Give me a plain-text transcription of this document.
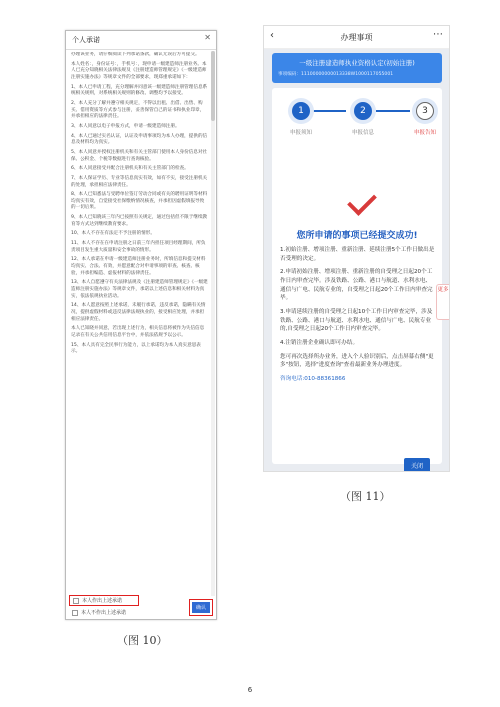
个人承诺	✕

办理该业务，请仔细阅读下列承诺条款，确认无误后方可提交。

本人姓名：，身份证号：，手机号：，现申请一级建造师注册业务。本人已充分知晓相关法律法规及《注册建造师管理规定》《一级建造师注册实施办法》等规章文件的全部要求，现郑重承诺如下：

1、本人已申请工程，充分理解并同意该一级建造师注册管理信息系统相关规则，对系统相关规则的修改、调整均予以接受。

2、本人充分了解并遵守相关规定，不得以出租、出借、出售、购买、借用资质等方式参与注册，妥善保管自己的证书和执业印章，并承担相应的法律责任。

3、本人同意以电子申报方式，申请一级建造师注册。

4、本人已通过实名认证，认证及申请事项均为本人办理，提供的信息及材料均为真实。

5、本人同意并授权注册机关和有关主管部门使用本人身份信息对社保、公积金、个税等数据进行查询核验。

6、本人同意接受并配合注册机关和有关主管部门的检查。

7、本人保证学历、专业等信息真实有效，如有不实，接受注册机关的处理，承担相应法律责任。

8、本人已知悉法与受聘单位签订劳动合同或有关的聘用证明等材料均真实有效，自觉接受社保缴纳情况核查，并承担因虚假填报导致的一切后果。

9、本人已知晓该三年内已按照有关规定，通过包括但不限于继续教育等方式达到继续教育要求。

10、本人不存在有法定不予注册的情形。

11、本人不存在在申请注册之日前三年内担任项目经理期间，所负责项目发生重大质量和安全事故的情形。

12、本人承诺在申请一级建造师注册业务时，所填信息和提交材料均真实、合法、有效，并愿意配合对申请事项的审查、核查、核验，并承担编造、虚报材料的法律责任。

13、本人自愿遵守有关法律法规及《注册建造师管理规定》《一级建造师注册实施办法》等规章文件，承诺以上述信息和相关材料为真实，依法依规执业活动。

14、本人愿意按照上述承诺，未履行承诺，违反承诺，隐瞒有关情况，提供虚假材料或违反法律法规执业的，接受相应处理，并承担相应法律责任。

本人已知晓并同意，若出现上述行为，相关信息将被作为失信信息记录在有关公共信用信息平台中，并依法依规予以公示。

15、本人具有完全民事行为能力，以上承诺均为本人真实意思表示。

本人作出上述承诺
本人不作出上述承诺
确认
（图 10）
‹	办理事项	⋯
一级注册建造师执业资格认定(初始注册)
事项编码：11100000000013338W1000117055001
1	2	3
申报须知	申报信息	申报告知
您所申请的事项已经提交成功!

1.初始注册、增项注册、重新注册、延续注册5个工作日做出是否受理的决定。

2.申请初始注册、增项注册、重新注册的自受理之日起20个工作日内审查完毕。涉及铁路、公路、港口与航道、水利水电、通信与广电、民航专业的，自受理之日起20个工作日内审查完毕。

3.申请延续注册的自受理之日起10个工作日内审查完毕，涉及铁路、公路、港口与航道、水利水电、通信与广电、民航专业的,自受理之日起20个工作日内审查完毕。

4.注销注册企业确认即可办结。

您可再次选择所办业务，进入个人验识别后，点击屏幕右侧"更多"按钮，选择"进度查询"查看最新业务办理进度。

咨询电话:010-88361866

关闭
更多
（图 11）
6
